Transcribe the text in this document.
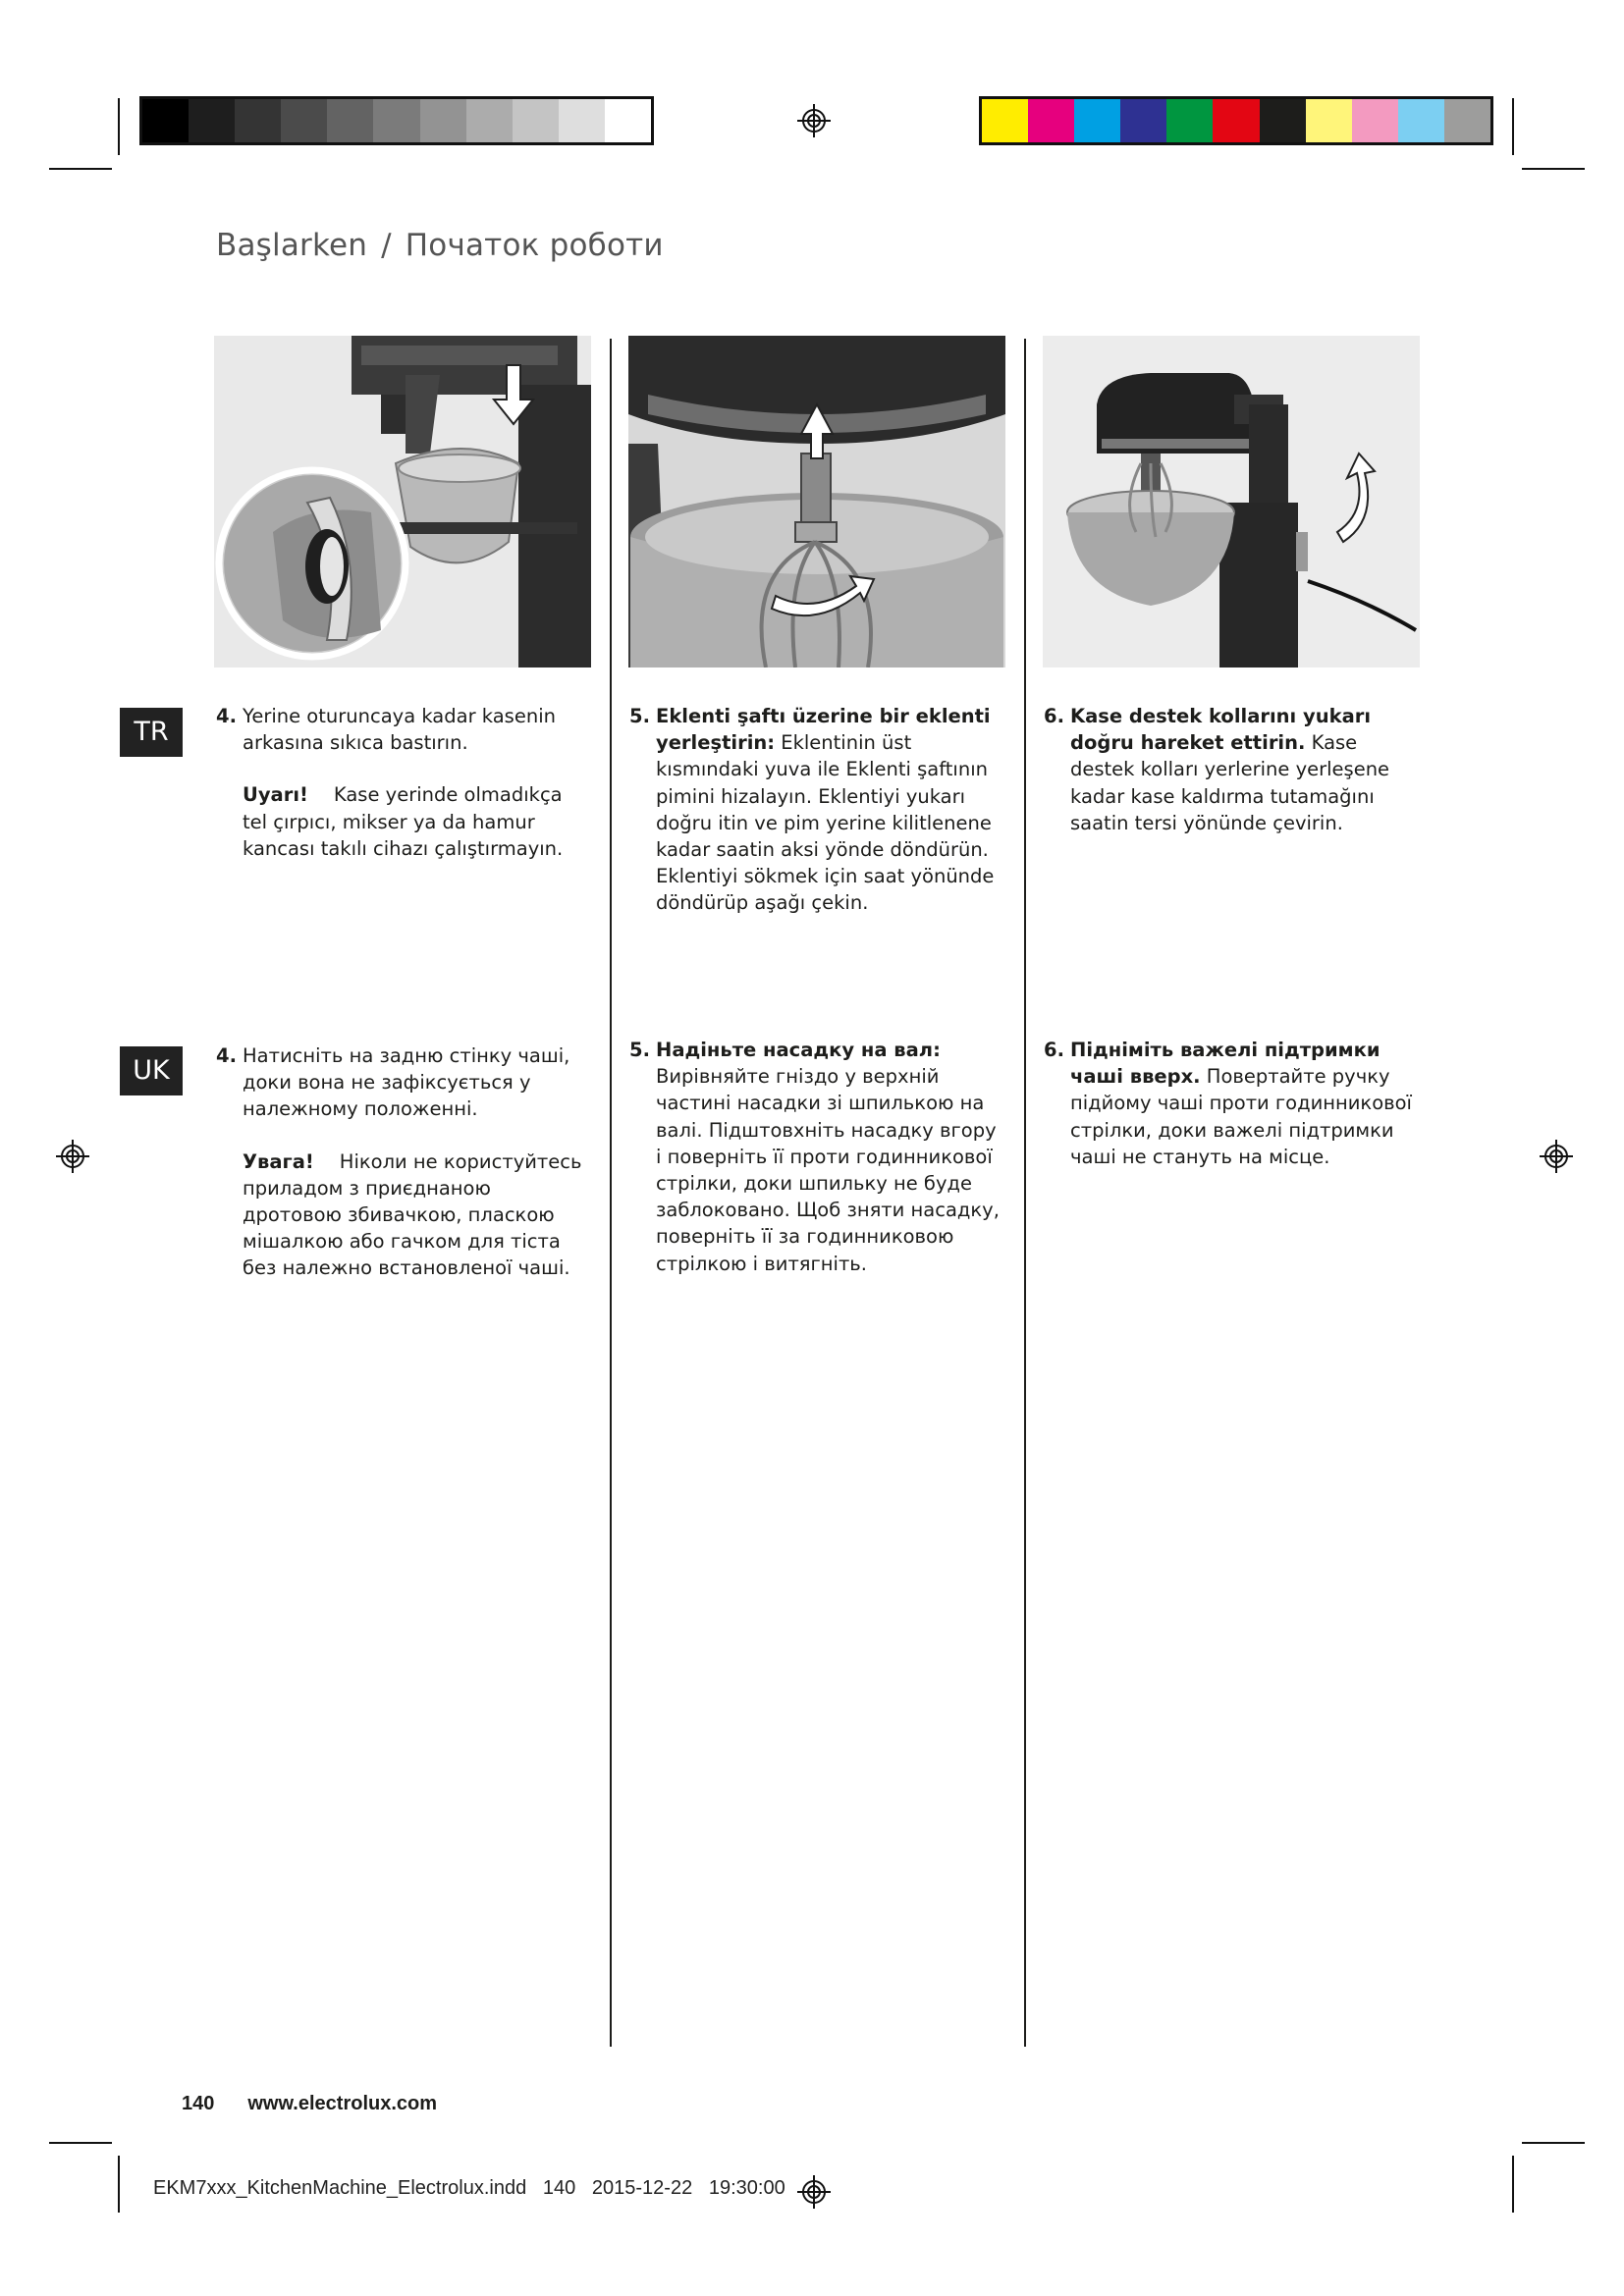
Başlarken / Початок роботи
TR
UK
4. Yerine oturuncaya kadar kasenin arkasına sıkıca bastırın.
Uyarı! Kase yerinde olmadıkça tel çırpıcı, mikser ya da hamur kancası takılı cihazı çalıştırmayın.
5. Eklenti şaftı üzerine bir eklenti yerleştirin: Eklentinin üst kısmındaki yuva ile Eklenti şaftının pimini hizalayın. Eklentiyi yukarı doğru itin ve pim yerine kilitlenene kadar saatin aksi yönde döndürün. Eklentiyi sökmek için saat yönünde döndürüp aşağı çekin.
6. Kase destek kollarını yukarı doğru hareket ettirin. Kase destek kolları yerlerine yerleşene kadar kase kaldırma tutamağını saatin tersi yönünde çevirin.
4. Натисніть на задню стінку чаші, доки вона не зафіксується у належному положенні.
Увага! Ніколи не користуйтесь приладом з приєднаною дротовою збивачкою, пласкою мішалкою або гачком для тіста без належно встановленої чаші.
5. Надіньте насадку на вал:
Вирівняйте гніздо у верхній частині насадки зі шпилькою на валі. Підштовхніть насадку вгору і поверніть її проти годинникової стрілки, доки шпильку не буде заблоковано. Щоб зняти насадку, поверніть її за годинниковою стрілкою і витягніть.
6. Підніміть важелі підтримки чаші вверх. Повертайте ручку підйому чаші проти годинникової стрілки, доки важелі підтримки чаші не стануть на місце.
140 www.electrolux.com
EKM7xxx_KitchenMachine_Electrolux.indd   140   2015-12-22   19:30:00
